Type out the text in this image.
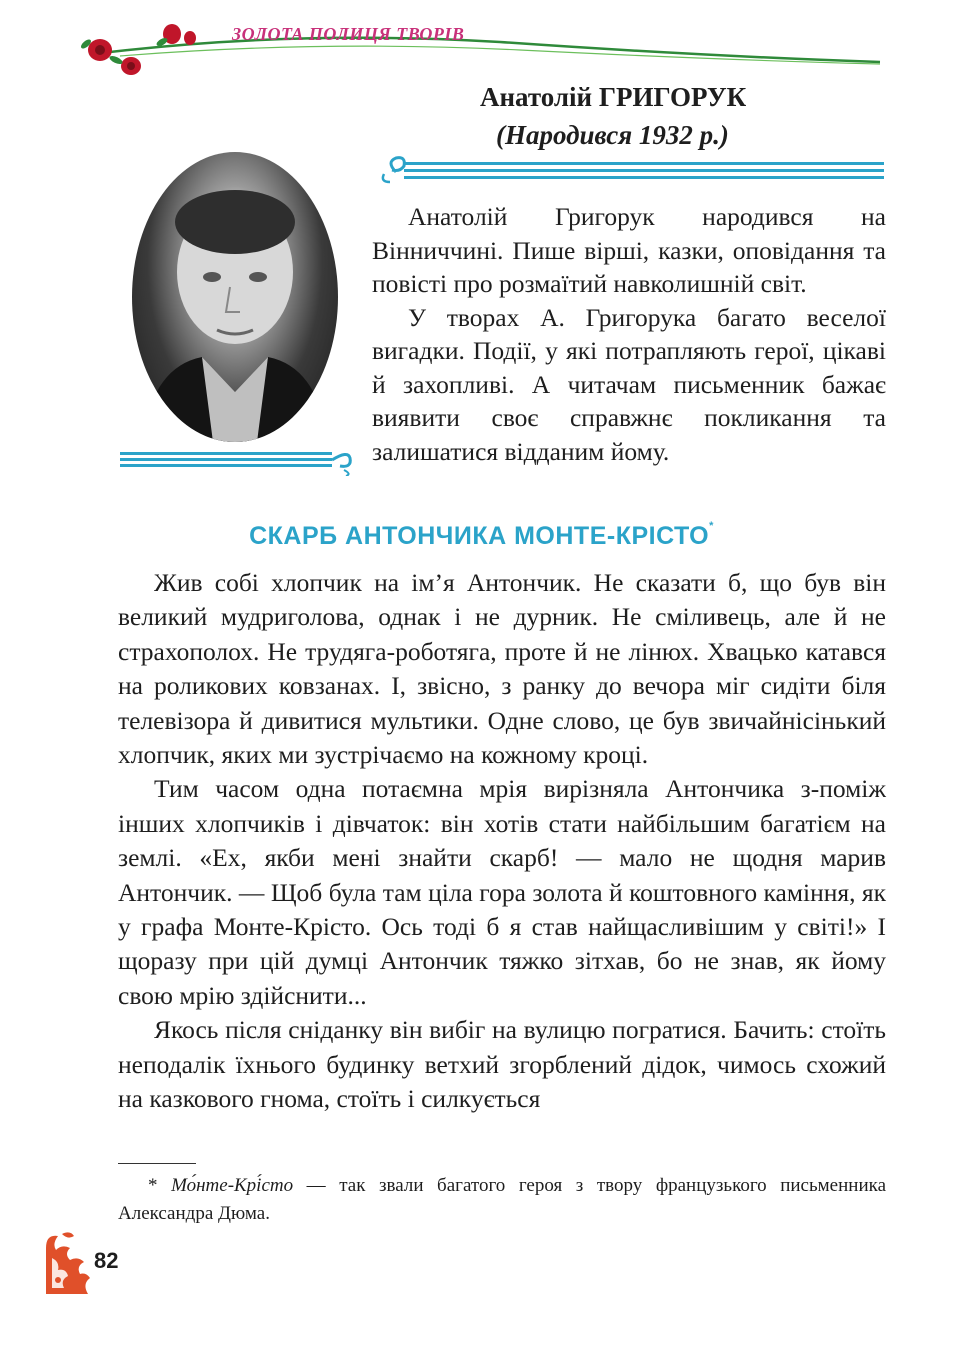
ЗОЛОТА ПОЛИЦЯ ТВОРІВ
Анатолій ГРИГОРУК
(Народився 1932 р.)

Анатолій Григорук народився на Вінниччині. Пише вірші, казки, оповідання та повісті про розмаїтий навколишній світ.

У творах А. Григорука багато веселої вигадки. Події, у які потрапляють герої, цікаві й захопливі. А читачам письменник бажає виявити своє справжнє покликання та залишатися відданим йому.

СКАРБ АНТОНЧИКА МОНТЕ-КРІСТО*

Жив собі хлопчик на ім’я Антончик. Не сказати б, що був він великий мудриголова, однак і не дурник. Не сміливець, але й не страхополох. Не трудяга-роботяга, проте й не лінюх. Хвацько катався на роликових ковзанах. І, звісно, з ранку до вечора міг сидіти біля телевізора й дивитися мультики. Одне слово, це був звичайнісінький хлопчик, яких ми зустрічаємо на кожному кроці.

Тим часом одна потаємна мрія вирізняла Антончика з-поміж інших хлопчиків і дівчаток: він хотів стати найбільшим багатієм на землі. «Ех, якби мені знайти скарб! — мало не щодня марив Антончик. — Щоб була там ціла гора золота й коштовного каміння, як у графа Монте-Крісто. Ось тоді б я став найщасливішим у світі!» І щоразу при цій думці Антончик тяжко зітхав, бо не знав, як йому свою мрію здійснити...

Якось після сніданку він вибіг на вулицю погратися. Бачить: стоїть неподалік їхнього будинку ветхий згорблений дідок, чимось схожий на казкового гнома, стоїть і силкується

* Мо́нте-Крі́сто — так звали багатого героя з твору французького письменника Александра Дюма.
82
